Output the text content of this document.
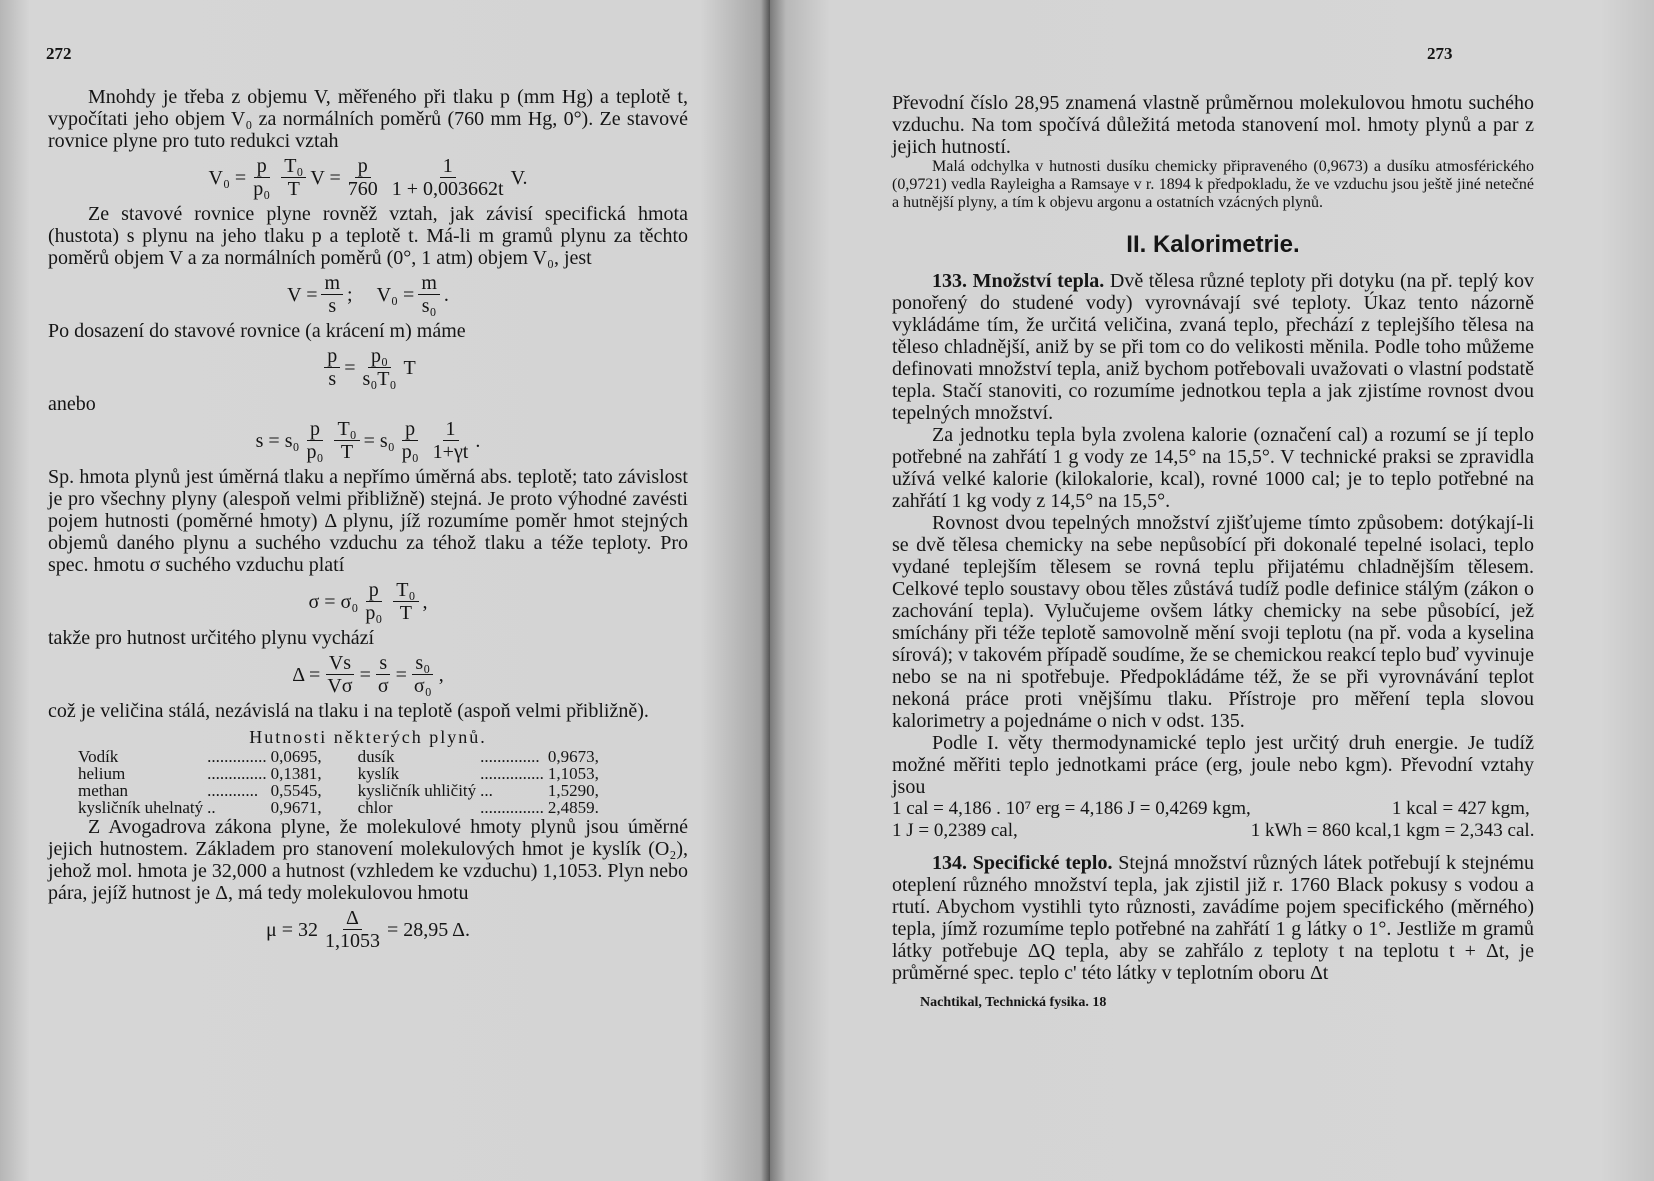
272

Mnohdy je třeba z objemu V, měřeného při tlaku p (mm Hg) a teplotě t, vypočítati jeho objem V₀ za normálních poměrů (760 mm Hg, 0°). Ze stavové rovnice plyne pro tuto redukci vztah

$V_0 = \frac{p}{\text{p₀}} \frac{\text{T₀}}{T}$ $V = \frac{p}{760} \frac{1}{1 + 0,003662t} V$.

Ze stavové rovnice plyne rovněž vztah, jak závisí specifická hmota (hustota) s plynu na jeho tlaku p a teplotě t. Má-li m gramů plynu za těchto poměrů objem V a za normálních poměrů (0°, 1 atm) objem V₀, jest

$V = \frac{m}{s}$ ; $V_0 = \frac{m}{\text{s₀}}$ .

Po dosazení do stavové rovnice (a krácení m) máme

$\frac{p}{s} = \frac{\text{p₀}}{\text{s₀T₀}}$ T

anebo

$s = s_0 \frac{p}{\text{p₀}} \frac{\text{T₀}}{T} = s_0 \frac{p}{\text{p₀}} \frac{1}{1+\gamma t}$ .

Sp. hmota plynů jest úměrná tlaku a nepřímo úměrná abs. teplotě; tato závislost je pro všechny plyny (alespoň velmi přibližně) stejná. Je proto výhodné zavésti pojem hutnosti (poměrné hmoty) Δ plynu, jíž rozumíme poměr hmot stejných objemů daného plynu a suchého vzduchu za téhož tlaku a téže teploty. Pro spec. hmotu σ suchého vzduchu platí

$\sigma = \sigma_0 \frac{p}{\text{p₀}} \frac{\text{T₀}}{T}$ ,

takže pro hutnost určitého plynu vychází

$\Delta = \frac{Vs}{V\sigma} = \frac{s}{\sigma} = \frac{\text{s₀}}{\text{σ₀}}$ ,

což je veličina stálá, nezávislá na tlaku i na teplotě (aspoň velmi přibližně).

Hutnosti některých plynů.
Vodík	..............	0,0695,	dusík	..............	0,9673,
helium	..............	0,1381,	kyslík	...............	1,1053,
methan	............	0,5545,	kysličník uhličitý	...	1,5290,
kysličník uhelnatý	..	0,9671,	chlor	...............	2,4859.

Z Avogadrova zákona plyne, že molekulové hmoty plynů jsou úměrné jejich hutnostem. Základem pro stanovení molekulových hmot je kyslík (O₂), jehož mol. hmota je 32,000 a hutnost (vzhledem ke vzduchu) 1,1053. Plyn nebo pára, jejíž hutnost je Δ, má tedy molekulovou hmotu

$\mu = 32 \frac{\Delta}{1,1053} = 28,95$ Δ.
273

Převodní číslo 28,95 znamená vlastně průměrnou molekulovou hmotu suchého vzduchu. Na tom spočívá důležitá metoda stanovení mol. hmoty plynů a par z jejich hutností.

Malá odchylka v hutnosti dusíku chemicky připraveného (0,9673) a dusíku atmosférického (0,9721) vedla Rayleigha a Ramsaye v r. 1894 k předpokladu, že ve vzduchu jsou ještě jiné netečné a hutnější plyny, a tím k objevu argonu a ostatních vzácných plynů.

II. Kalorimetrie.

133. Množství tepla. Dvě tělesa různé teploty při dotyku (na př. teplý kov ponořený do studené vody) vyrovnávají své teploty. Úkaz tento názorně vykládáme tím, že určitá veličina, zvaná teplo, přechází z teplejšího tělesa na těleso chladnější, aniž by se při tom co do velikosti měnila. Podle toho můžeme definovati množství tepla, aniž bychom potřebovali uvažovati o vlastní podstatě tepla. Stačí stanoviti, co rozumíme jednotkou tepla a jak zjistíme rovnost dvou tepelných množství.

Za jednotku tepla byla zvolena kalorie (označení cal) a rozumí se jí teplo potřebné na zahřátí 1 g vody ze 14,5° na 15,5°. V technické praksi se zpravidla užívá velké kalorie (kilokalorie, kcal), rovné 1000 cal; je to teplo potřebné na zahřátí 1 kg vody z 14,5° na 15,5°.

Rovnost dvou tepelných množství zjišťujeme tímto způsobem: dotýkají-li se dvě tělesa chemicky na sebe nepůsobící při dokonalé tepelné isolaci, teplo vydané teplejším tělesem se rovná teplu přijatému chladnějším tělesem. Celkové teplo soustavy obou těles zůstává tudíž podle definice stálým (zákon o zachování tepla). Vylučujeme ovšem látky chemicky na sebe působící, jež smíchány při téže teplotě samovolně mění svoji teplotu (na př. voda a kyselina sírová); v takovém případě soudíme, že se chemickou reakcí teplo buď vyvinuje nebo se na ni spotřebuje. Předpokládáme též, že se při vyrovnávání teplot nekoná práce proti vnějšímu tlaku. Přístroje pro měření tepla slovou kalorimetry a pojednáme o nich v odst. 135.

Podle I. věty thermodynamické teplo jest určitý druh energie. Je tudíž možné měřiti teplo jednotkami práce (erg, joule nebo kgm). Převodní vztahy jsou

1 cal = 4,186 . 10⁷ erg = 4,186 J = 0,4269 kgm,	1 kcal = 427 kgm,
1 J = 0,2389 cal,	1 kWh = 860 kcal, 1 kgm = 2,343 cal.

134. Specifické teplo. Stejná množství různých látek potřebují k stejnému oteplení různého množství tepla, jak zjistil již r. 1760 Black pokusy s vodou a rtutí. Abychom vystihli tyto různosti, zavádíme pojem specifického (měrného) tepla, jímž rozumíme teplo potřebné na zahřátí 1 g látky o 1°. Jestliže m gramů látky potřebuje ΔQ tepla, aby se zahřálo z teploty t na teplotu t + Δt, je průměrné spec. teplo c' této látky v teplotním oboru Δt

Nachtikal, Technická fysika. 18
